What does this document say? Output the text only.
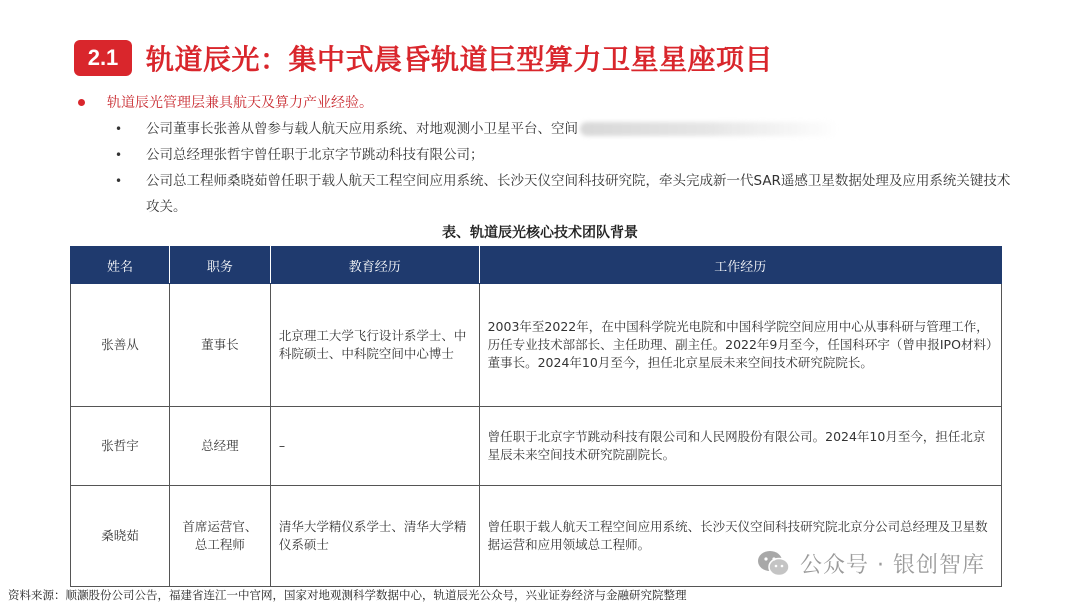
2.1 轨道辰光：集中式晨昏轨道巨型算力卫星星座项目
轨道辰光管理层兼具航天及算力产业经验。
• 公司董事长张善从曾参与载人航天应用系统、对地观测小卫星平台、空间
• 公司总经理张哲宇曾任职于北京字节跳动科技有限公司；
• 公司总工程师桑晓茹曾任职于载人航天工程空间应用系统、长沙天仪空间科技研究院，牵头完成新一代SAR遥感卫星数据处理及应用系统关键技术攻关。
表、轨道辰光核心技术团队背景
姓名	职务	教育经历	工作经历
张善从	董事长	北京理工大学飞行设计系学士、中科院硕士、中科院空间中心博士	2003年至2022年，在中国科学院光电院和中国科学院空间应用中心从事科研与管理工作，历任专业技术部部长、主任助理、副主任。2022年9月至今，任国科环宇（曾申报IPO材料）董事长。2024年10月至今，担任北京星辰未来空间技术研究院院长。
张哲宇	总经理	–	曾任职于北京字节跳动科技有限公司和人民网股份有限公司。2024年10月至今，担任北京星辰未来空间技术研究院副院长。
桑晓茹	首席运营官、总工程师	清华大学精仪系学士、清华大学精仪系硕士	曾任职于载人航天工程空间应用系统、长沙天仪空间科技研究院北京分公司总经理及卫星数据运营和应用领域总工程师。
公众号 · 银创智库
资料来源：顺灏股份公司公告，福建省连江一中官网，国家对地观测科学数据中心，轨道辰光公众号，兴业证券经济与金融研究院整理
